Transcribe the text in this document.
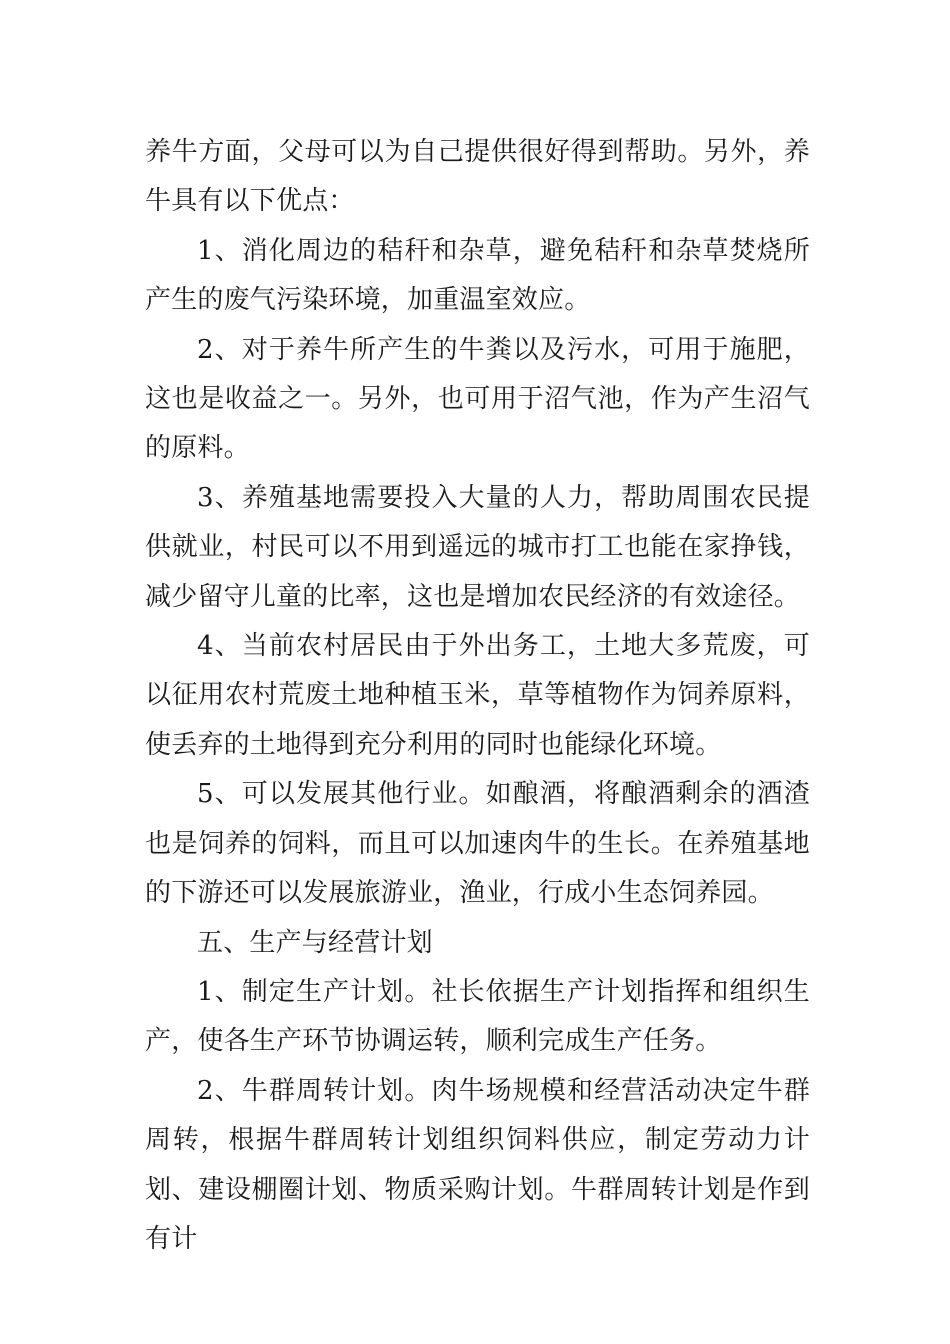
养牛方面，父母可以为自己提供很好得到帮助。另外，养牛具有以下优点：

1、消化周边的秸秆和杂草，避免秸秆和杂草焚烧所产生的废气污染环境，加重温室效应。

2、对于养牛所产生的牛粪以及污水，可用于施肥，这也是收益之一。另外，也可用于沼气池，作为产生沼气的原料。

3、养殖基地需要投入大量的人力，帮助周围农民提供就业，村民可以不用到遥远的城市打工也能在家挣钱，减少留守儿童的比率，这也是增加农民经济的有效途径。

4、当前农村居民由于外出务工，土地大多荒废，可以征用农村荒废土地种植玉米，草等植物作为饲养原料，使丢弃的土地得到充分利用的同时也能绿化环境。

5、可以发展其他行业。如酿酒，将酿酒剩余的酒渣也是饲养的饲料，而且可以加速肉牛的生长。在养殖基地的下游还可以发展旅游业，渔业，行成小生态饲养园。

五、生产与经营计划

1、制定生产计划。社长依据生产计划指挥和组织生产，使各生产环节协调运转，顺利完成生产任务。

2、牛群周转计划。肉牛场规模和经营活动决定牛群周转，根据牛群周转计划组织饲料供应，制定劳动力计划、建设棚圈计划、物质采购计划。牛群周转计划是作到有计
